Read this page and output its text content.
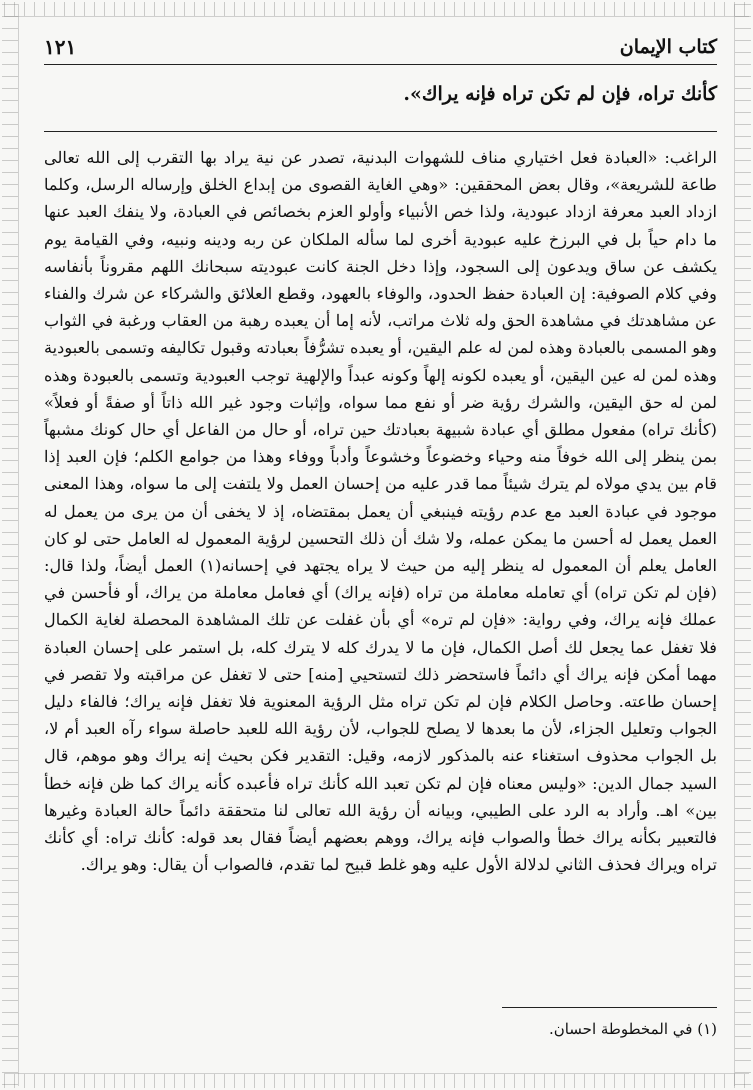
كتاب الإيمان
١٢١
كأنك تراه، فإن لم تكن تراه فإنه يراك».

الراغب: «العبادة فعل اختياري مناف للشهوات البدنية، تصدر عن نية يراد بها التقرب إلى الله تعالى طاعة للشريعة»، وقال بعض المحققين: «وهي الغاية القصوى من إبداع الخلق وإرساله الرسل، وكلما ازداد العبد معرفة ازداد عبودية، ولذا خص الأنبياء وأولو العزم بخصائص في العبادة، ولا ينفك العبد عنها ما دام حياً بل في البرزخ عليه عبودية أخرى لما سأله الملكان عن ربه ودينه ونبيه، وفي القيامة يوم يكشف عن ساق ويدعون إلى السجود، وإذا دخل الجنة كانت عبوديته سبحانك اللهم مقروناً بأنفاسه وفي كلام الصوفية: إن العبادة حفظ الحدود، والوفاء بالعهود، وقطع العلائق والشركاء عن شرك والفناء عن مشاهدتك في مشاهدة الحق وله ثلاث مراتب، لأنه إما أن يعبده رهبة من العقاب ورغبة في الثواب وهو المسمى بالعبادة وهذه لمن له علم اليقين، أو يعبده تشرُّفاً بعبادته وقبول تكاليفه وتسمى بالعبودية وهذه لمن له عين اليقين، أو يعبده لكونه إلهاً وكونه عبداً والإلهية توجب العبودية وتسمى بالعبودة وهذه لمن له حق اليقين، والشرك رؤية ضر أو نفع مما سواه، وإثبات وجود غير الله ذاتاً أو صفةً أو فعلاً» (كأنك تراه) مفعول مطلق أي عبادة شبيهة بعبادتك حين تراه، أو حال من الفاعل أي حال كونك مشبهاً بمن ينظر إلى الله خوفاً منه وحياء وخضوعاً وخشوعاً وأدباً ووفاء وهذا من جوامع الكلم؛ فإن العبد إذا قام بين يدي مولاه لم يترك شيئاً مما قدر عليه من إحسان العمل ولا يلتفت إلى ما سواه، وهذا المعنى موجود في عبادة العبد مع عدم رؤيته فينبغي أن يعمل بمقتضاه، إذ لا يخفى أن من يرى من يعمل له العمل يعمل له أحسن ما يمكن عمله، ولا شك أن ذلك التحسين لرؤية المعمول له العامل حتى لو كان العامل يعلم أن المعمول له ينظر إليه من حيث لا يراه يجتهد في إحسانه(١) العمل أيضاً، ولذا قال: (فإن لم تكن تراه) أي تعامله معاملة من تراه (فإنه يراك) أي فعامل معاملة من يراك، أو فأحسن في عملك فإنه يراك، وفي رواية: «فإن لم تره» أي بأن غفلت عن تلك المشاهدة المحصلة لغاية الكمال فلا تغفل عما يجعل لك أصل الكمال، فإن ما لا يدرك كله لا يترك كله، بل استمر على إحسان العبادة مهما أمكن فإنه يراك أي دائماً فاستحضر ذلك لتستحيي [منه] حتى لا تغفل عن مراقبته ولا تقصر في إحسان طاعته. وحاصل الكلام فإن لم تكن تراه مثل الرؤية المعنوية فلا تغفل فإنه يراك؛ فالفاء دليل الجواب وتعليل الجزاء، لأن ما بعدها لا يصلح للجواب، لأن رؤية الله للعبد حاصلة سواء رآه العبد أم لا، بل الجواب محذوف استغناء عنه بالمذكور لازمه، وقيل: التقدير فكن بحيث إنه يراك وهو موهم، قال السيد جمال الدين: «وليس معناه فإن لم تكن تعبد الله كأنك تراه فأعبده كأنه يراك كما ظن فإنه خطأ بين» اهـ. وأراد به الرد على الطيبي، وبيانه أن رؤية الله تعالى لنا متحققة دائماً حالة العبادة وغيرها فالتعبير بكأنه يراك خطأ والصواب فإنه يراك، ووهم بعضهم أيضاً فقال بعد قوله: كأنك تراه: أي كأنك تراه ويراك فحذف الثاني لدلالة الأول عليه وهو غلط قبيح لما تقدم، فالصواب أن يقال: وهو يراك.

(١) في المخطوطة احسان.
